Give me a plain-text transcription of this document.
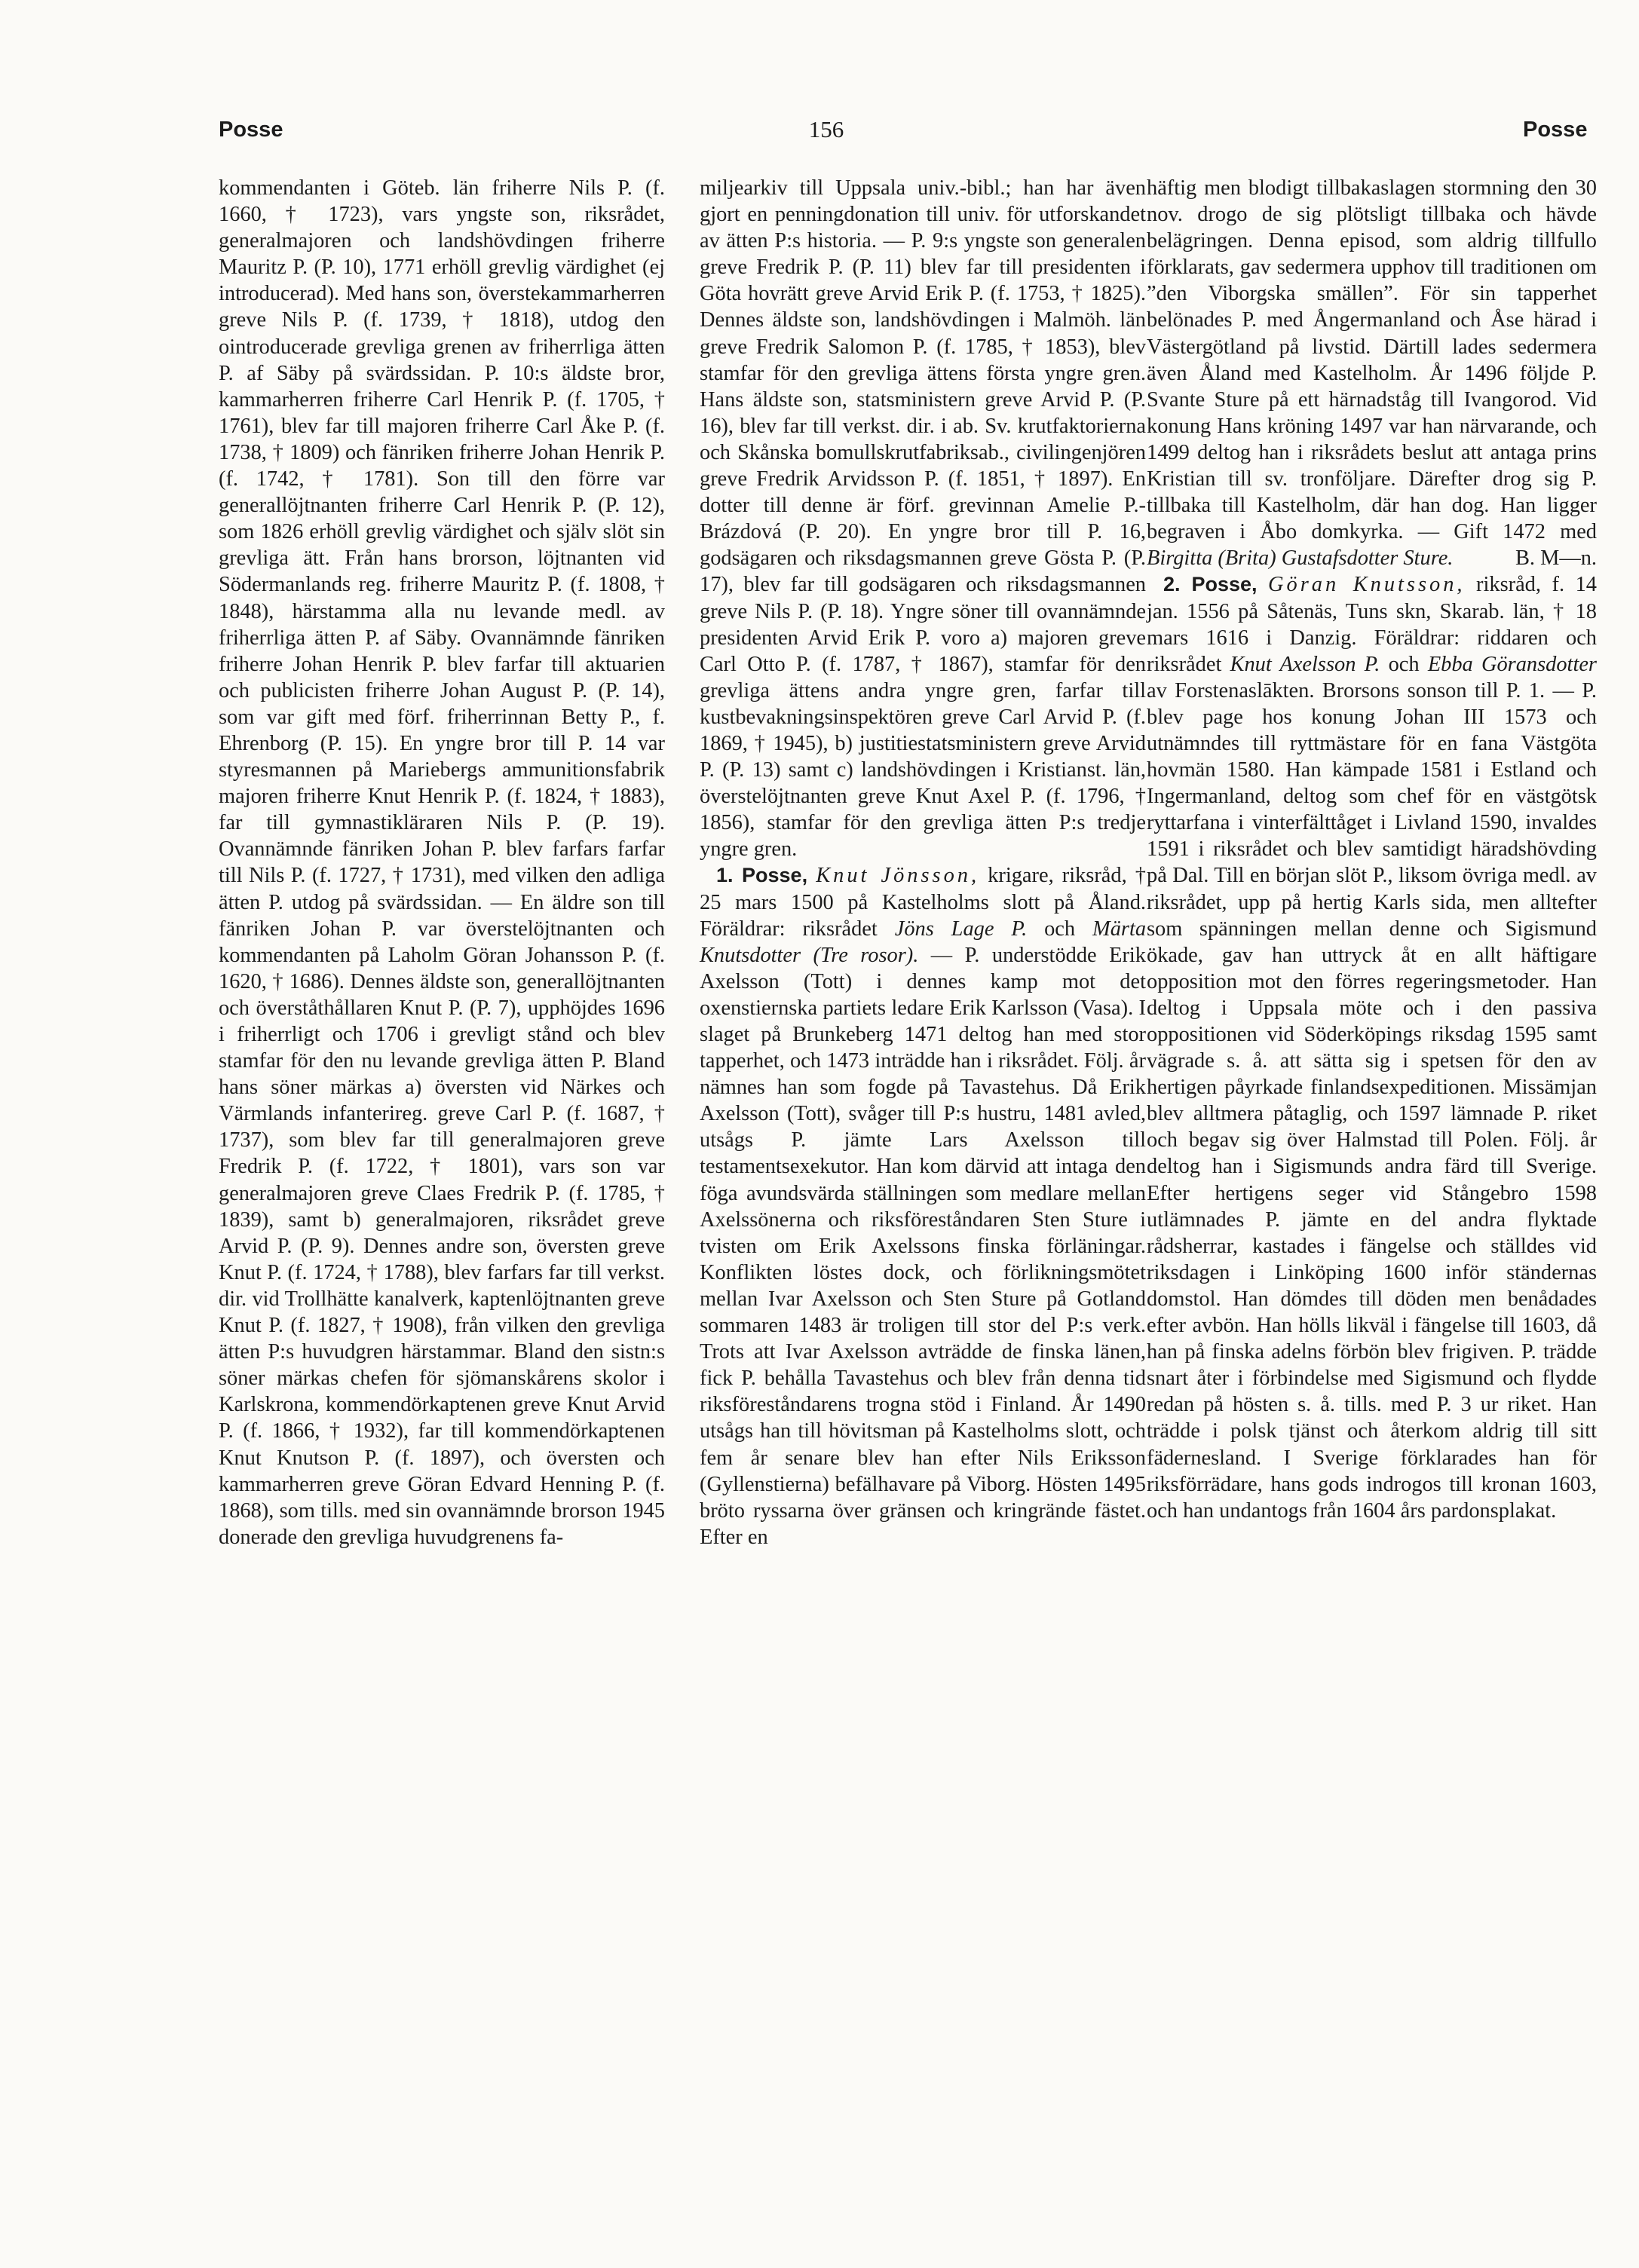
Posse	156	Posse

kommendanten i Göteb. län friherre Nils P. (f. 1660, † 1723), vars yngste son, riksrådet, generalmajoren och landshövdingen friherre Mauritz P. (P. 10), 1771 erhöll grevlig värdighet (ej introducerad). Med hans son, överstekammarherren greve Nils P. (f. 1739, † 1818), utdog den ointroducerade grevliga grenen av friherrliga ätten P. af Säby på svärdssidan. P. 10:s äldste bror, kammarherren friherre Carl Henrik P. (f. 1705, † 1761), blev far till majoren friherre Carl Åke P. (f. 1738, † 1809) och fänriken friherre Johan Henrik P. (f. 1742, † 1781). Son till den förre var generallöjtnanten friherre Carl Henrik P. (P. 12), som 1826 erhöll grevlig värdighet och själv slöt sin grevliga ätt. Från hans brorson, löjtnanten vid Södermanlands reg. friherre Mauritz P. (f. 1808, † 1848), härstamma alla nu levande medl. av friherrliga ätten P. af Säby. Ovannämnde fänriken friherre Johan Henrik P. blev farfar till aktuarien och publicisten friherre Johan August P. (P. 14), som var gift med förf. friherrinnan Betty P., f. Ehrenborg (P. 15). En yngre bror till P. 14 var styresmannen på Mariebergs ammunitionsfabrik majoren friherre Knut Henrik P. (f. 1824, † 1883), far till gymnastikläraren Nils P. (P. 19). Ovannämnde fänriken Johan P. blev farfars farfar till Nils P. (f. 1727, † 1731), med vilken den adliga ätten P. utdog på svärdssidan. — En äldre son till fänriken Johan P. var överstelöjtnanten och kommendanten på Laholm Göran Johansson P. (f. 1620, † 1686). Dennes äldste son, generallöjtnanten och överståthållaren Knut P. (P. 7), upphöjdes 1696 i friherrligt och 1706 i grevligt stånd och blev stamfar för den nu levande grevliga ätten P. Bland hans söner märkas a) översten vid Närkes och Värmlands infanterireg. greve Carl P. (f. 1687, † 1737), som blev far till generalmajoren greve Fredrik P. (f. 1722, † 1801), vars son var generalmajoren greve Claes Fredrik P. (f. 1785, † 1839), samt b) generalmajoren, riksrådet greve Arvid P. (P. 9). Dennes andre son, översten greve Knut P. (f. 1724, † 1788), blev farfars far till verkst. dir. vid Trollhätte kanalverk, kaptenlöjtnanten greve Knut P. (f. 1827, † 1908), från vilken den grevliga ätten P:s huvudgren härstammar. Bland den sistn:s söner märkas chefen för sjömanskårens skolor i Karlskrona, kommendörkaptenen greve Knut Arvid P. (f. 1866, † 1932), far till kommendörkaptenen Knut Knutson P. (f. 1897), och översten och kammarherren greve Göran Edvard Henning P. (f. 1868), som tills. med sin ovannämnde brorson 1945 donerade den grevliga huvudgrenens fa-

miljearkiv till Uppsala univ.-bibl.; han har även gjort en penningdonation till univ. för utforskandet av ätten P:s historia. — P. 9:s yngste son generalen greve Fredrik P. (P. 11) blev far till presidenten i Göta hovrätt greve Arvid Erik P. (f. 1753, † 1825). Dennes äldste son, landshövdingen i Malmöh. län greve Fredrik Salomon P. (f. 1785, † 1853), blev stamfar för den grevliga ättens första yngre gren. Hans äldste son, statsministern greve Arvid P. (P. 16), blev far till verkst. dir. i ab. Sv. krutfaktorierna och Skånska bomullskrutfabriksab., civilingenjören greve Fredrik Arvidsson P. (f. 1851, † 1897). En dotter till denne är förf. grevinnan Amelie P.-Brázdová (P. 20). En yngre bror till P. 16, godsägaren och riksdagsmannen greve Gösta P. (P. 17), blev far till godsägaren och riksdagsmannen greve Nils P. (P. 18). Yngre söner till ovannämnde presidenten Arvid Erik P. voro a) majoren greve Carl Otto P. (f. 1787, † 1867), stamfar för den grevliga ättens andra yngre gren, farfar till kustbevakningsinspektören greve Carl Arvid P. (f. 1869, † 1945), b) justitiestatsministern greve Arvid P. (P. 13) samt c) landshövdingen i Kristianst. län, överstelöjtnanten greve Knut Axel P. (f. 1796, † 1856), stamfar för den grevliga ätten P:s tredje yngre gren.

1. Posse, Knut Jönsson, krigare, riksråd, † 25 mars 1500 på Kastelholms slott på Åland. Föräldrar: riksrådet Jöns Lage P. och Märta Knutsdotter (Tre rosor). — P. understödde Erik Axelsson (Tott) i dennes kamp mot det oxenstiernska partiets ledare Erik Karlsson (Vasa). I slaget på Brunkeberg 1471 deltog han med stor tapperhet, och 1473 inträdde han i riksrådet. Följ. år nämnes han som fogde på Tavastehus. Då Erik Axelsson (Tott), svåger till P:s hustru, 1481 avled, utsågs P. jämte Lars Axelsson till testamentsexekutor. Han kom därvid att intaga den föga avundsvärda ställningen som medlare mellan Axelssönerna och riksföreståndaren Sten Sture i tvisten om Erik Axelssons finska förläningar. Konflikten löstes dock, och förlikningsmötet mellan Ivar Axelsson och Sten Sture på Gotland sommaren 1483 är troligen till stor del P:s verk. Trots att Ivar Axelsson avträdde de finska länen, fick P. behålla Tavastehus och blev från denna tid riksföreståndarens trogna stöd i Finland. År 1490 utsågs han till hövitsman på Kastelholms slott, och fem år senare blev han efter Nils Eriksson (Gyllenstierna) befälhavare på Viborg. Hösten 1495 bröto ryssarna över gränsen och kringrände fästet. Efter en

häftig men blodigt tillbakaslagen stormning den 30 nov. drogo de sig plötsligt tillbaka och hävde belägringen. Denna episod, som aldrig tillfullo förklarats, gav sedermera upphov till traditionen om ”den Viborgska smällen”. För sin tapperhet belönades P. med Ångermanland och Åse härad i Västergötland på livstid. Därtill lades sedermera även Åland med Kastelholm. År 1496 följde P. Svante Sture på ett härnadståg till Ivangorod. Vid konung Hans kröning 1497 var han närvarande, och 1499 deltog han i riksrådets beslut att antaga prins Kristian till sv. tronföljare. Därefter drog sig P. tillbaka till Kastelholm, där han dog. Han ligger begraven i Åbo domkyrka. — Gift 1472 med Birgitta (Brita) Gustafsdotter Sture.	B. M—n.

2. Posse, Göran Knutsson, riksråd, f. 14 jan. 1556 på Såtenäs, Tuns skn, Skarab. län, † 18 mars 1616 i Danzig. Föräldrar: riddaren och riksrådet Knut Axelsson P. och Ebba Göransdotter av Forstenaslākten. Brorsons sonson till P. 1. — P. blev page hos konung Johan III 1573 och utnämndes till ryttmästare för en fana Västgöta hovmän 1580. Han kämpade 1581 i Estland och Ingermanland, deltog som chef för en västgötsk ryttarfana i vinterfälttåget i Livland 1590, invaldes 1591 i riksrådet och blev samtidigt häradshövding på Dal. Till en början slöt P., liksom övriga medl. av riksrådet, upp på hertig Karls sida, men alltefter som spänningen mellan denne och Sigismund ökade, gav han uttryck åt en allt häftigare opposition mot den förres regeringsmetoder. Han deltog i Uppsala möte och i den passiva oppositionen vid Söderköpings riksdag 1595 samt vägrade s. å. att sätta sig i spetsen för den av hertigen påyrkade finlandsexpeditionen. Missämjan blev alltmera påtaglig, och 1597 lämnade P. riket och begav sig över Halmstad till Polen. Följ. år deltog han i Sigismunds andra färd till Sverige. Efter hertigens seger vid Stångebro 1598 utlämnades P. jämte en del andra flyktade rådsherrar, kastades i fängelse och ställdes vid riksdagen i Linköping 1600 inför ständernas domstol. Han dömdes till döden men benådades efter avbön. Han hölls likväl i fängelse till 1603, då han på finska adelns förbön blev frigiven. P. trädde snart åter i förbindelse med Sigismund och flydde redan på hösten s. å. tills. med P. 3 ur riket. Han trädde i polsk tjänst och återkom aldrig till sitt fädernesland. I Sverige förklarades han för riksförrädare, hans gods indrogos till kronan 1603, och han undantogs från 1604 års pardonsplakat.
